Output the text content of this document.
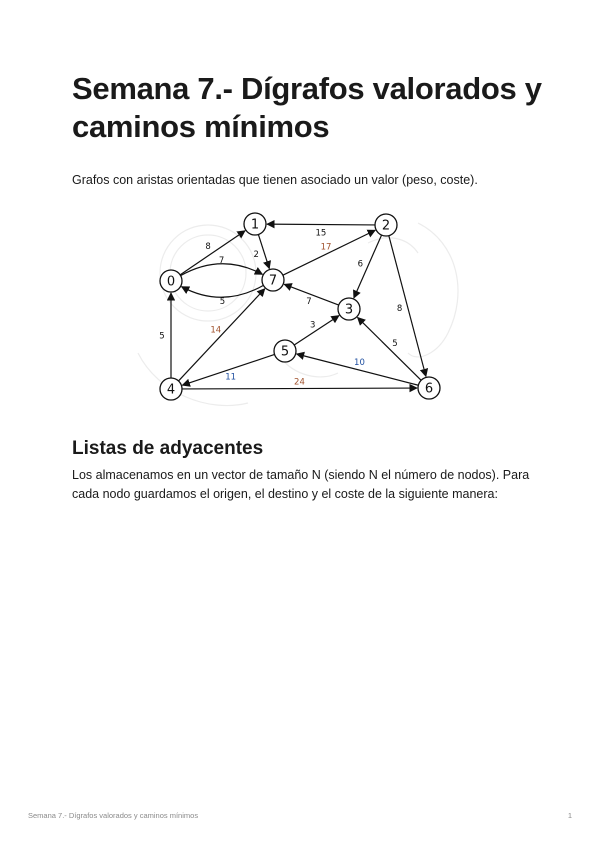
Semana 7.- Dígrafos valorados y caminos mínimos
Grafos con aristas orientadas que tienen asociado un valor (peso, coste).
8
7
5
2
15
17
6
8
7
5
14	3
11
10
5
24
0
1	2
3
4
5
6
7
Listas de adyacentes
Los almacenamos en un vector de tamaño N (siendo N el número de nodos). Para cada nodo guardamos el origen, el destino y el coste de la siguiente manera:
Semana 7.- Dígrafos valorados y caminos mínimos	1
